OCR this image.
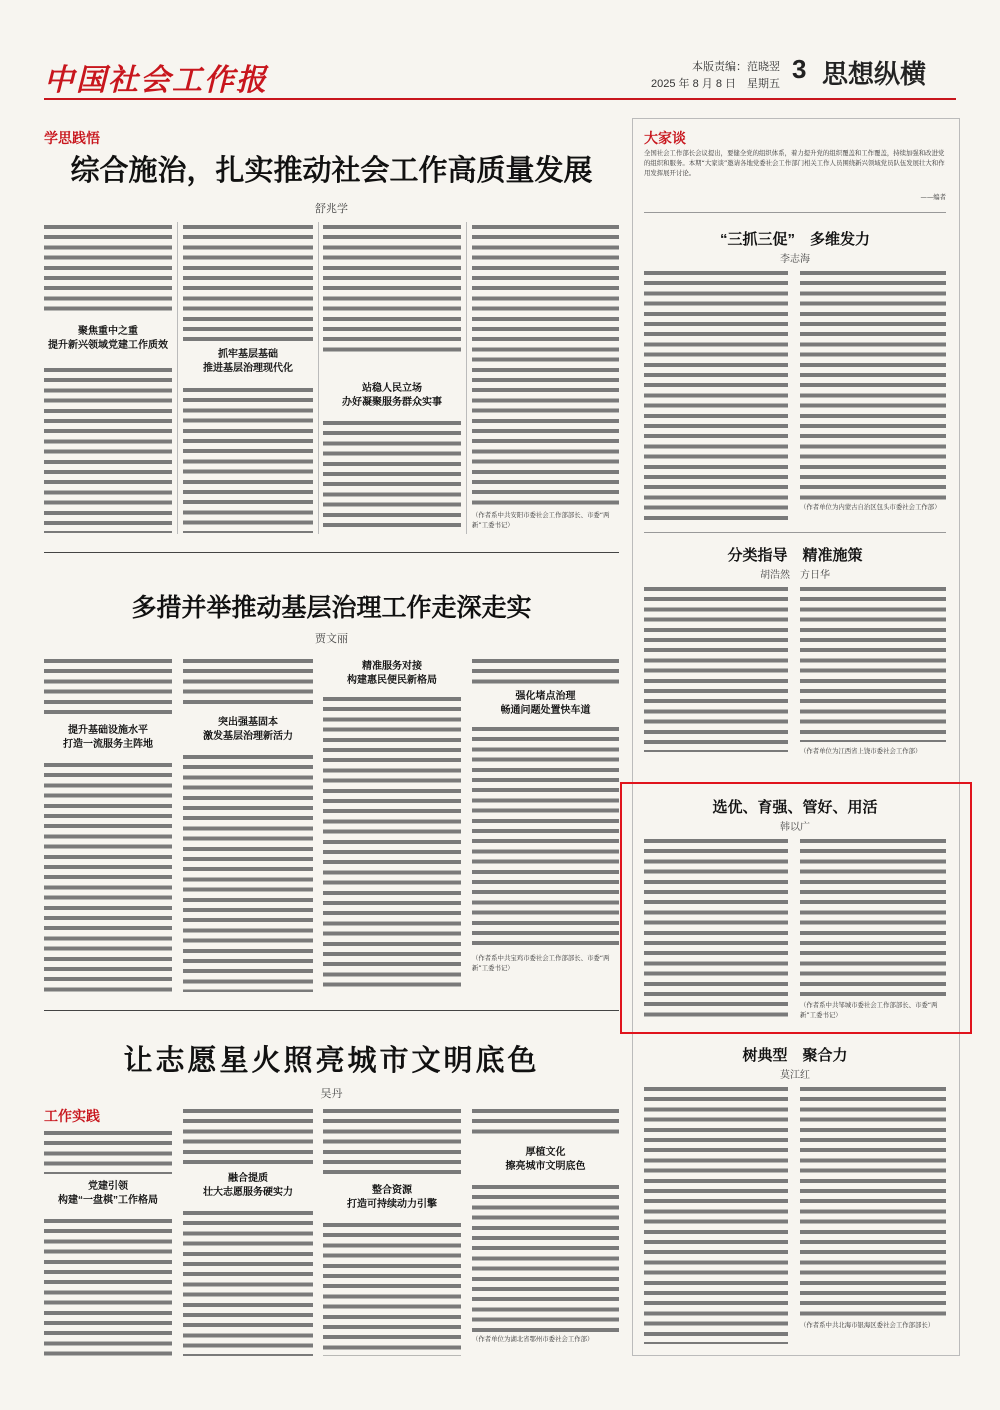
中国社会工作报	本版责编：范晓翌
2025 年 8 月 8 日　星期五 3 思想纵横
学思践悟
综合施治，扎实推动社会工作高质量发展
舒兆学
聚焦重中之重
提升新兴领域党建工作质效
抓牢基层基础
推进基层治理现代化
站稳人民立场
办好凝聚服务群众实事
（作者系中共安阳市委社会工作部部长、市委“两新”工委书记）
多措并举推动基层治理工作走深走实
贾文丽
提升基础设施水平
打造一流服务主阵地
突出强基固本
激发基层治理新活力
精准服务对接
构建惠民便民新格局
强化堵点治理
畅通问题处置快车道
（作者系中共宝鸡市委社会工作部部长、市委“两新”工委书记）
让志愿星火照亮城市文明底色
吴丹
工作实践
党建引领
构建“一盘棋”工作格局
融合提质
壮大志愿服务硬实力	整合资源
打造可持续动力引擎
厚植文化
擦亮城市文明底色
（作者单位为湖北省鄂州市委社会工作部）
大家谈
全国社会工作部长会议提出，要健全党的组织体系，着力提升党的组织覆盖和工作覆盖，持续加强和改进党的组织和服务。本期“大家谈”邀请各地党委社会工作部门相关工作人员围绕新兴领域党员队伍发展壮大和作用发挥展开讨论。
——编者
“三抓三促”　多维发力
李志海
（作者单位为内蒙古自治区包头市委社会工作部）
分类指导　精准施策
胡浩然　方日华
（作者单位为江西省上饶市委社会工作部）
选优、育强、管好、用活
韩以广
（作者系中共邹城市委社会工作部部长、市委“两新”工委书记）
树典型　聚合力
莫江红
（作者系中共北海市银海区委社会工作部部长）
